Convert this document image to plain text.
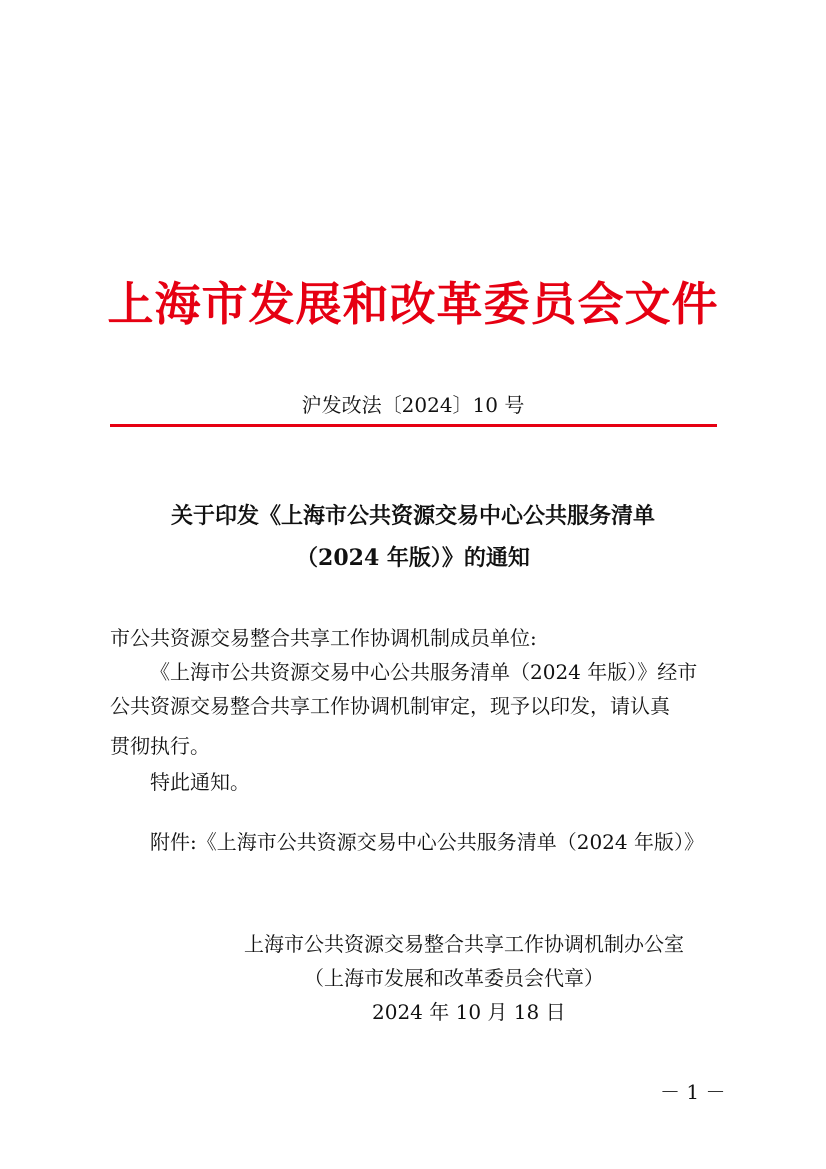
上海市发展和改革委员会文件
沪发改法〔2024〕10 号
关于印发《上海市公共资源交易中心公共服务清单
（2024 年版）》的通知
市公共资源交易整合共享工作协调机制成员单位:
《上海市公共资源交易中心公共服务清单（2024 年版）》经市
公共资源交易整合共享工作协调机制审定，现予以印发，请认真
贯彻执行。
特此通知。
附件:《上海市公共资源交易中心公共服务清单（2024 年版）》
上海市公共资源交易整合共享工作协调机制办公室
（上海市发展和改革委员会代章）
2024 年 10 月 18 日
－ 1 －
